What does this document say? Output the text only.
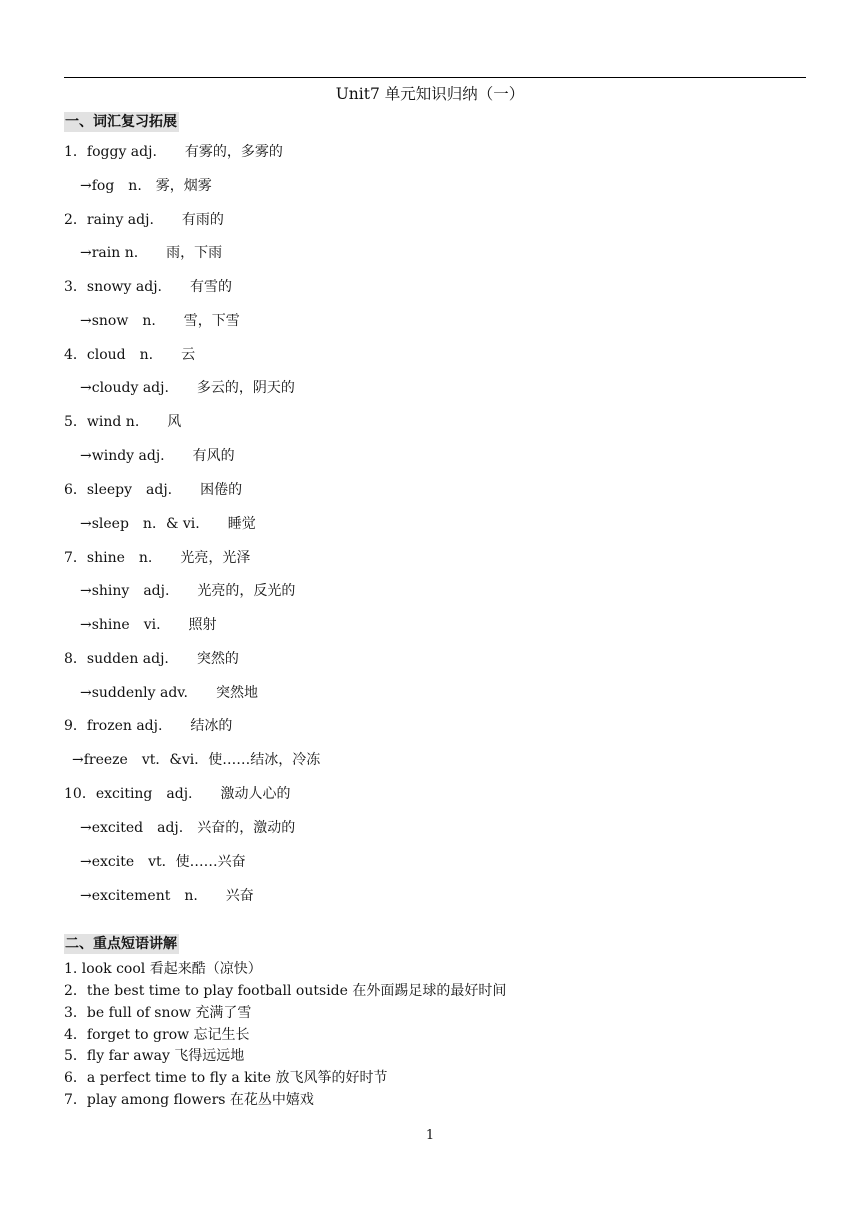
Unit7 单元知识归纳（一）
一、词汇复习拓展
1．foggy adj.　　有雾的，多雾的
→fog　n.　雾，烟雾
2．rainy adj.　　有雨的
→rain n.　　雨，下雨
3．snowy adj.　　有雪的
→snow　n.　　雪，下雪
4．cloud　n.　　云
→cloudy adj.　　多云的，阴天的
5．wind n.　　风
→windy adj.　　有风的
6．sleepy　adj.　　困倦的
→sleep　n．& vi.　　睡觉
7．shine　n.　　光亮，光泽
→shiny　adj.　　光亮的，反光的
→shine　vi.　　照射
8．sudden adj.　　突然的
→suddenly adv.　　突然地
9．frozen adj.　　结冰的
→freeze　vt．&vi．使……结冰，冷冻
10．exciting　adj.　　激动人心的
→excited　adj.　兴奋的，激动的
→excite　vt．使……兴奋
→excitement　n.　　兴奋
二、重点短语讲解
1. look cool 看起来酷（凉快）
2．the best time to play football outside 在外面踢足球的最好时间
3．be full of snow 充满了雪
4．forget to grow 忘记生长
5．fly far away 飞得远远地
6．a perfect time to fly a kite 放飞风筝的好时节
7．play among flowers 在花丛中嬉戏
1
